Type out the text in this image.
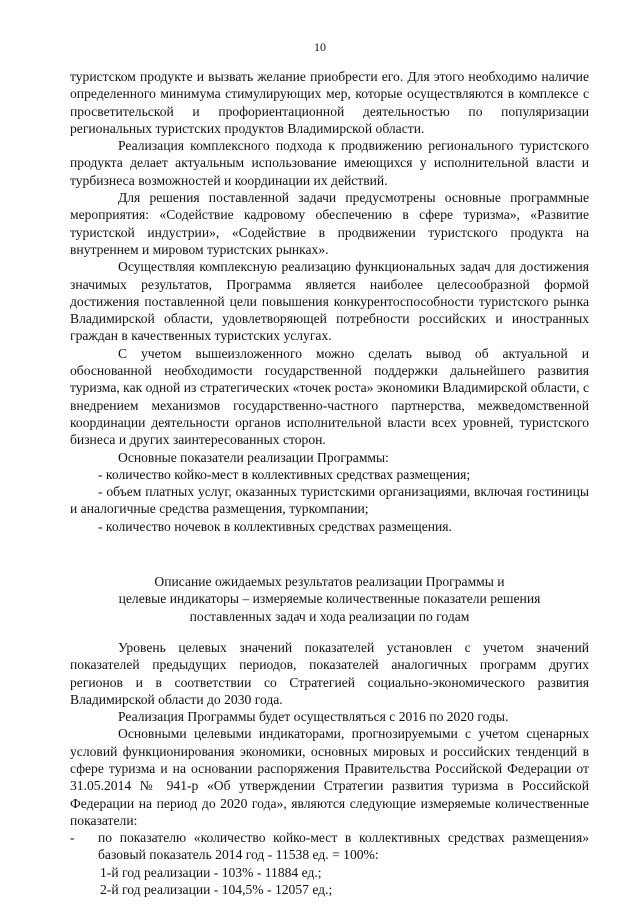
10

туристском продукте и вызвать желание приобрести его. Для этого необходимо наличие определенного минимума стимулирующих мер, которые осуществляются в комплексе с просветительской и профориентационной деятельностью по популяризации региональных туристских продуктов Владимирской области.

Реализация комплексного подхода к продвижению регионального туристского продукта делает актуальным использование имеющихся у исполнительной власти и турбизнеса возможностей и координации их действий.

Для решения поставленной задачи предусмотрены основные программные мероприятия: «Содействие кадровому обеспечению в сфере туризма», «Развитие туристской индустрии», «Содействие в продвижении туристского продукта на внутреннем и мировом туристских рынках».

Осуществляя комплексную реализацию функциональных задач для достижения значимых результатов, Программа является наиболее целесообразной формой достижения поставленной цели повышения конкурентоспособности туристского рынка Владимирской области, удовлетворяющей потребности российских и иностранных граждан в качественных туристских услугах.

С учетом вышеизложенного можно сделать вывод об актуальной и обоснованной необходимости государственной поддержки дальнейшего развития туризма, как одной из стратегических «точек роста» экономики Владимирской области, с внедрением механизмов государственно-частного партнерства, межведомственной координации деятельности органов исполнительной власти всех уровней, туристского бизнеса и других заинтересованных сторон.

Основные показатели реализации Программы:

- количество койко-мест в коллективных средствах размещения;

- объем платных услуг, оказанных туристскими организациями, включая гостиницы и аналогичные средства размещения, туркомпании;

- количество ночевок в коллективных средствах размещения.

Описание ожидаемых результатов реализации Программы и
целевые индикаторы – измеряемые количественные показатели решения
поставленных задач и хода реализации по годам

Уровень целевых значений показателей установлен с учетом значений показателей предыдущих периодов, показателей аналогичных программ других регионов и в соответствии со Стратегией социально-экономического развития Владимирской области до 2030 года.

Реализация Программы будет осуществляться с 2016 по 2020 годы.

Основными целевыми индикаторами, прогнозируемыми с учетом сценарных условий функционирования экономики, основных мировых и российских тенденций в сфере туризма и на основании распоряжения Правительства Российской Федерации от 31.05.2014 № 941-р «Об утверждении Стратегии развития туризма в Российской Федерации на период до 2020 года», являются следующие измеряемые количественные показатели:

-	по показателю «количество койко-мест в коллективных средствах размещения» базовый показатель 2014 год - 11538 ед. = 100%:

1-й год реализации - 103% - 11884 ед.;

2-й год реализации - 104,5% - 12057 ед.;
